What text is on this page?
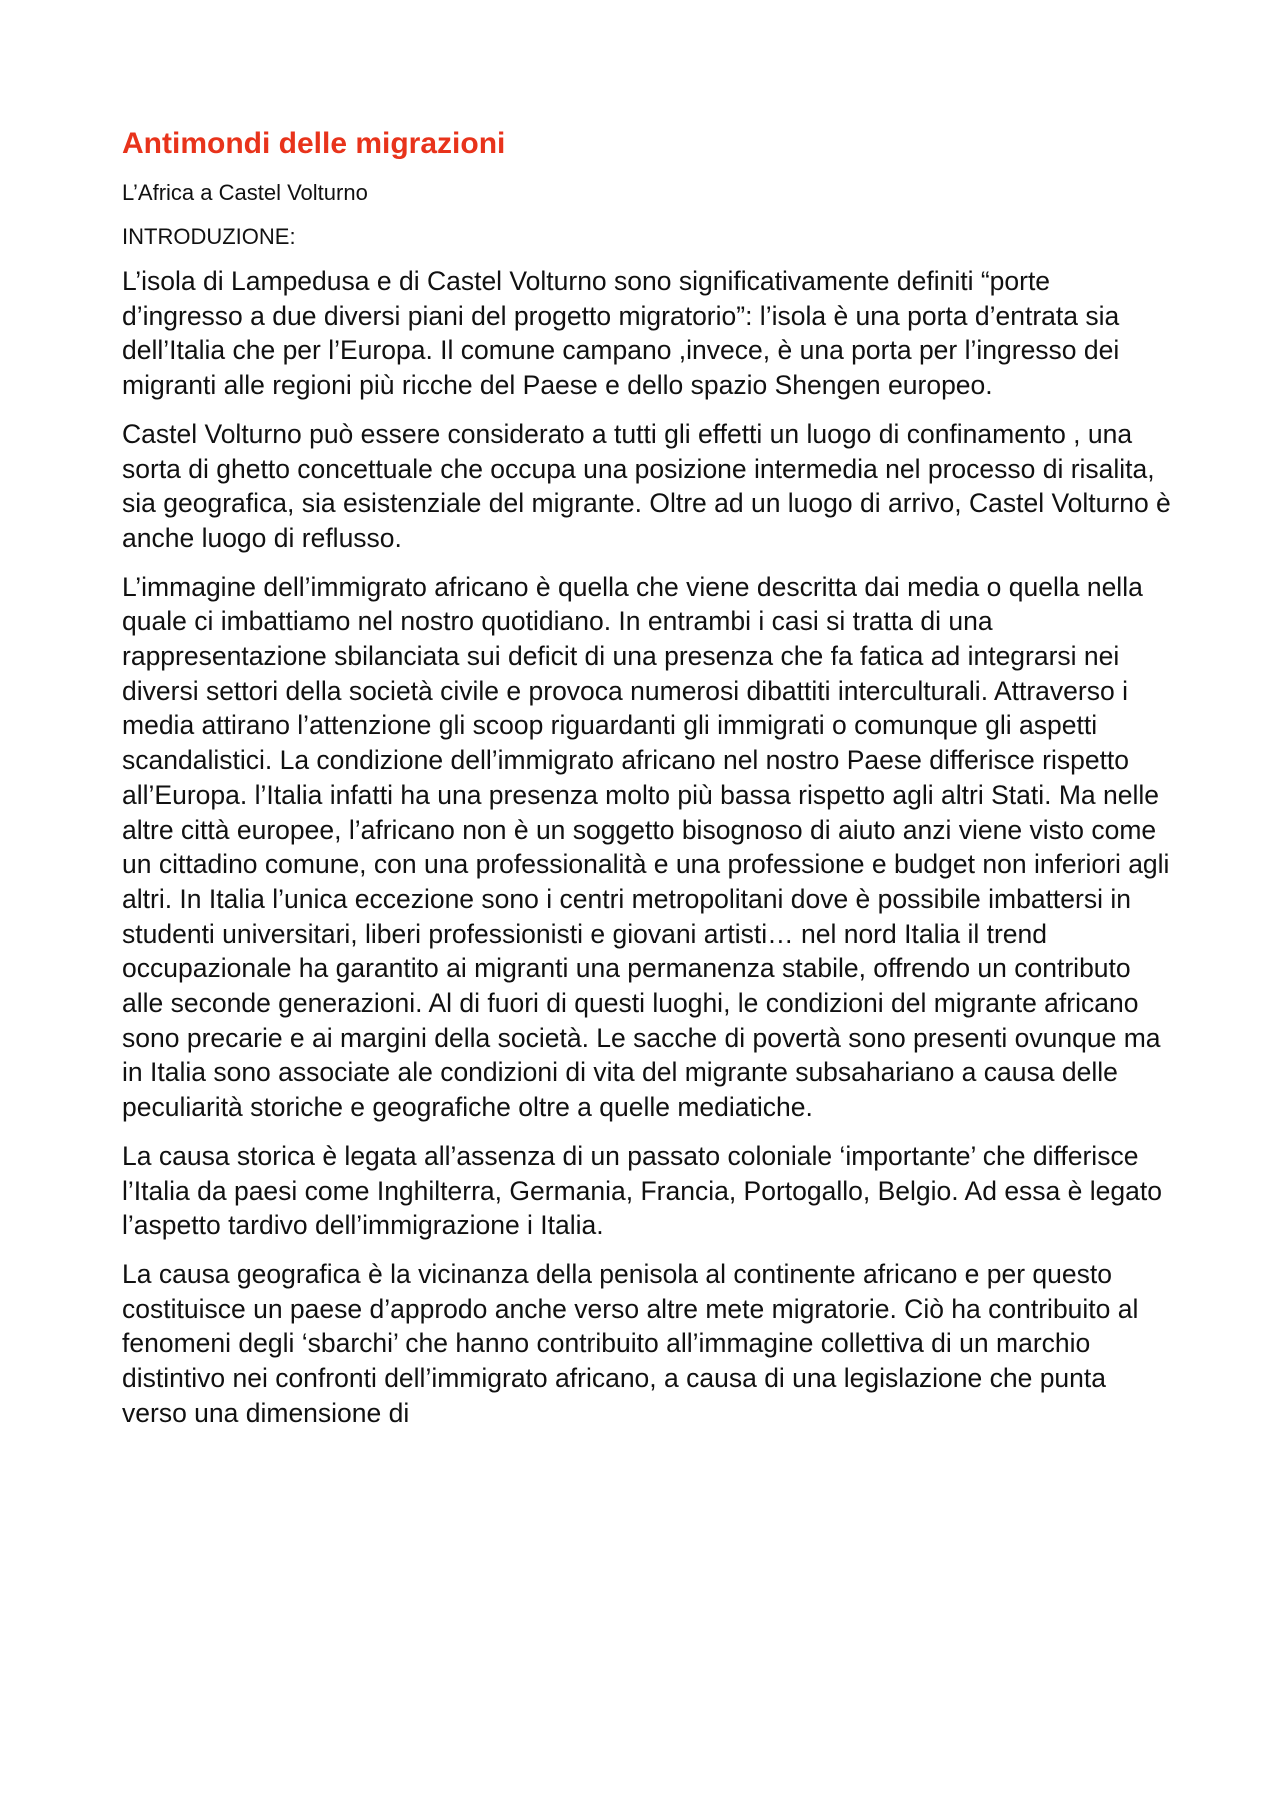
Antimondi delle migrazioni

L’Africa a Castel Volturno

INTRODUZIONE:

L’isola di Lampedusa e di Castel Volturno sono significativamente definiti “porte d’ingresso a due diversi piani del progetto migratorio”: l’isola è una porta d’entrata sia dell’Italia che per l’Europa. Il comune campano ,invece, è una porta per l’ingresso dei migranti alle regioni più ricche del Paese e dello spazio Shengen europeo.

Castel Volturno può essere considerato a tutti gli effetti un luogo di confinamento , una sorta di ghetto concettuale che occupa una posizione intermedia nel processo di risalita, sia geografica, sia esistenziale del migrante. Oltre ad un luogo di arrivo, Castel Volturno è anche luogo di reflusso.

L’immagine dell’immigrato africano è quella che viene descritta dai media o quella nella quale ci imbattiamo nel nostro quotidiano. In entrambi i casi si tratta di una rappresentazione sbilanciata sui deficit di una presenza che fa fatica ad integrarsi nei diversi settori della società civile e provoca numerosi dibattiti interculturali. Attraverso i media attirano l’attenzione gli scoop riguardanti gli immigrati o comunque gli aspetti scandalistici. La condizione dell’immigrato africano nel nostro Paese differisce rispetto all’Europa. l’Italia infatti ha una presenza molto più bassa rispetto agli altri Stati. Ma nelle altre città europee, l’africano non è un soggetto bisognoso di aiuto anzi viene visto come un cittadino comune, con una professionalità e una professione e budget non inferiori agli altri. In Italia l’unica eccezione sono i centri metropolitani dove è possibile imbattersi in studenti universitari, liberi professionisti e giovani artisti… nel nord Italia il trend occupazionale ha garantito ai migranti una permanenza stabile, offrendo un contributo alle seconde generazioni. Al di fuori di questi luoghi, le condizioni del migrante africano sono precarie e ai margini della società. Le sacche di povertà sono presenti ovunque ma in Italia sono associate ale condizioni di vita del migrante subsahariano a causa delle peculiarità storiche e geografiche oltre a quelle mediatiche.

La causa storica è legata all’assenza di un passato coloniale ‘importante’ che differisce l’Italia da paesi come Inghilterra, Germania, Francia, Portogallo, Belgio. Ad essa è legato l’aspetto tardivo dell’immigrazione i Italia.

La causa geografica è la vicinanza della penisola al continente africano e per questo costituisce un paese d’approdo anche verso altre mete migratorie. Ciò ha contribuito al fenomeni degli ‘sbarchi’ che hanno contribuito all’immagine collettiva di un marchio distintivo nei confronti dell’immigrato africano, a causa di una legislazione che punta verso una dimensione di
